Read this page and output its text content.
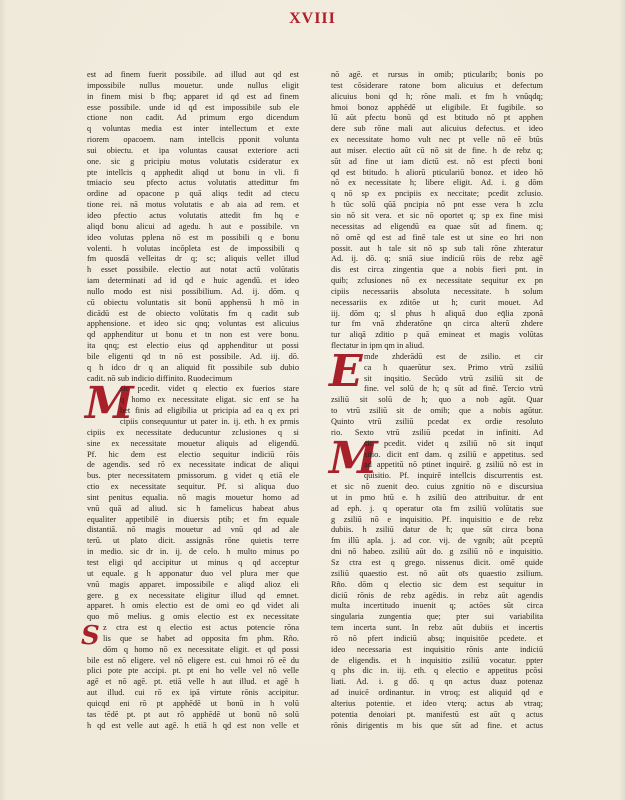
XVIII
est ad finem fuerit possibile. ad illud aut qd est
impossibile nullus mouetur. unde nullus eligit
in finem misi b fbq; apparet id qd est ad finem
esse possibile. unde id qd est impossibile sub ele
ctione non cadit. Ad primum ergo dicendum
q voluntas media est inter intellectum et exte
riorem opacoem. nam intellcis pponit volunta
sui obiectu. et ipa voluntas causat exteriore acti
one. sic g pricipiu motus volutatis csideratur ex
pte intellcis q apphedit aliqd ut bonu in vli. fi
tmiacio seu pfecto actus volutatis attedittur fm
ordine ad opacone p quā aliqs tedit ad ctecu
tione rei. nā motus volutatis e ab aia ad rem. et
ideo pfectio actus volutatis attedit fm hq e
aliqd bonu alicui ad agedu. h aut e possibile. vn
ideo volutas pplena nō est m possibili q e bonu
volenti. h volutas incōpleta est de impossibili q
fm quosdā velleitas dr q; sc; aliquis vellet illud
h esset possibile. electio aut notat actū volūtatis
iam determinati ad id qd e huic agendū. et ideo
nullo modo est nisi possibilium. Ad. ij. dōm. q
cū obiectu voluntatis sit bonū apphensū h mō in
dicādū est de obiecto volūtatis fm q cadit sub
apphensione. et ideo sic qnq; voluntas est alicuius
qd apphenditur ut bonu et tn non est vere bonu.
ita qnq; est electio eius qd apphenditur ut possi
bile eligenti qd tn nō est possibile. Ad. iij. dō.
q h idco dr q an aliquid fit possibile sub dubio
cadit. nō sub indicio diffinito. Ruodecimum
M
sic pcedit. videt q electio ex fuerios stare
q homo ex necessitate eligat. sic enī se ha
bet finis ad eligibilia ut pricipia ad ea q ex pri
cipiis consequuntur ut pater in. ij. eth. h ex prmis
cipiis ex necessitate deducuntur zclusiones q si
sine ex necessitate mouetur aliquis ad eligendū.
Pf. hic dem est electio sequitur indiciū rōis
de agendis. sed rō ex necessitate indicat de aliqui
bus. pter necessitatem pmissorum. g videt q etiā ele
ctio ex necessitate sequitur. Pf. si aliqua duo
sint penitus equalia. nō magis mouetur homo ad
vnū quā ad aliud. sic h famelicus habeat abus
equaliter appetibilē in diuersis ptib; et fm equale
distantiā. nō magis mouetur ad vnū qd ad ale
terū. ut plato dicit. assignās rōne quietis terre
in medio. sic dr in. ij. de celo. h multo minus po
test eligi qd accipitur ut minus q qd acceptur
ut equale. g h apponatur duo vel plura mer que
vnū magis apparet. impossibile e aliqd alioz eli
gere. g ex necessitate eligitur illud qd emnet.
apparet. h omis electio est de omi eo qd videt ali
quo mō melius. g omis electio est ex necessitate
S z ctra est q electio est actus potencie rōna
lis que se habet ad opposita fm phm. Rño.
dōm q homo nō ex necessitate eligit. et qd possi
bile est nō eligere. vel nō eligere est. cui hmoi rō eē du
plici pote pte accipi. pt. pt eni ho velle vel nō velle
agē et nō agē. pt. etiā velle h aut illud. et agē h
aut illud. cui rō ex ipā virtute rōnis accipitur.
quicqd eni rō pt apphēdē ut bonū in h volū
tas tēdē pt. pt aut rō apphēdē ut bonū nō solū
h qd est velle aut agē. h etiā h qd est non velle et
nō agē. et rursus in omib; pticularib; bonis po
test cōsiderare ratone bom alicuius et defectum
alicuius boni qd h; rōne mali. et fm h vnūqdq;
hmoi bonoz apphēdē ut eligibile. Et fugibile. so
lū aūt pfectu bonū qd est btitudo nō pt apphen
dere sub rōne mali aut alicuius defectus. et ideo
ex necessitate homo vult nec pt velle nō eē btūs
aut miser. electio aūt cū nō sit de fine. h de rebz q;
sūt ad fine ut iam dictū est. nō est pfecti boni
qd est btitudo. h aliorū pticulariū bonoz. et ideo hō
nō ex necessitate h; libere eligit. Ad. i. g dōm
q nō sp ex pncipiis ex neccitate; pcedit zclusio.
h tūc solū qūā pncipia nō pnt esse vera h zclu
sio nō sit vera. et sic nō oportet q; sp ex fine misi
necessitas ad eligendū ea quae sūt ad finem. q;
nō omē qd est ad finē tale est ut sine eo hri non
possit. aut h tale sit nō sp sub tali rōne zhteratur
Ad. ij. dō. q; sniā siue indiciū rōis de rebz agē
dis est circa zingentia que a nobis fieri pnt. in
quib; zclusiones nō ex necessitate sequitur ex pn
cipiis necessariis absoluta necessitate. h solum
necessariis ex zditōe ut h; curit mouet. Ad
iij. dōm q; sl phus h aliquā duo eq̄lia zponā
tur fm vnā zhderatōne qn circa alterū zhdere
tur aliqā zditio p quā emineat et magis volūtas
flectatur in ipm qm in aliud.
E mde zhderādū est de zsilio. et cir
ca h quaerūtur sex. Primo vtrū zsiliū
sit inqsitio. Secūdo vtrū zsiliū sit de
fine. vel solū de h; q sūt ad finē. Tercio vtrū
zsiliū sit solū de h; quo a nob agūt. Quar
to vtrū zsiliū sit de omib; que a nobis agūtur.
Quinto vtrū zsiliū pcedat ex ordie resoluto
rio. Sexto vtrū zsiliū pcedat in infiniti. Ad
M
sic pcedit. videt q zsiliū nō sit inquī
sitio. dicit enī dam. q zsiliū e appetitus. sed
ad appetitū nō ptinet inquirē. g zsiliū nō est in
quisitio. Pf. inquirē intellcis discurrentis est.
et sic nō zuenit deo. cuius zgnitio nō e discursiua
ut in pmo htū e. h zsiliū deo attribuitur. dr ent
ad eph. j. q operatur oīa fm zsiliū volūtatis sue
g zsiliū nō e inquisitio. Pf. inquisitio e de rebz
dubiis. h zsiliū datur de h; que sūt circa bona
fm illū apla. j. ad cor. vij. de vgnib; aūt pceptū
dni nō habeo. zsiliū aūt do. g zsiliū nō e inquisitio.
Sz ctra est q grego. nissenus dicit. omē quide
zsiliū quaestio est. nō aūt oīs quaestio zsilium.
Rño. dōm q electio sic dem est sequitur in
diciū rōnis de rebz agēdis. in rebz aūt agendis
multa incertitudo inuenit q; actōes sūt circa
singularia zungentia que; pter sui variabilita
tem incerta sunt. In rebz aūt dubiis et incertis
rō nō pfert indiciū absq; inquisitōe pcedete. et
ideo necessaria est inquisitio rōnis ante indiciū
de eligendis. et h inquisitio zsiliū vocatur. ppter
q phs dic in. iij. eth. q electio e appetitus pcōsi
liati. Ad. i. g dō. q qn actus duaz potenaz
ad inuicē ordinantur. in vtroq; est aliquid qd e
alterius potentie. et ideo vterq; actus ab vtraq;
potentia denoiari pt. manifestū est aūt q actus
rōnis dirigentis m bis que sūt ad fine. et actus
